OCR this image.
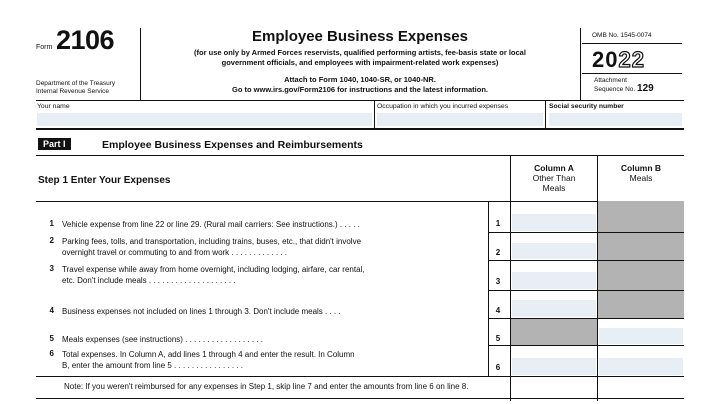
Form 2106
Department of the Treasury
Internal Revenue Service
Employee Business Expenses
(for use only by Armed Forces reservists, qualified performing artists, fee-basis state or local
government officials, and employees with impairment-related work expenses)
Attach to Form 1040, 1040-SR, or 1040-NR.
Go to www.irs.gov/Form2106 for instructions and the latest information.
OMB No. 1545-0074
2022
Attachment
Sequence No. 129
Your name	Occupation in which you incurred expenses	Social security number
Part I	Employee Business Expenses and Reimbursements
Step 1 Enter Your Expenses
Column A
Other Than
Meals
Column B
Meals
1 Vehicle expense from line 22 or line 29. (Rural mail carriers: See instructions.) . . . . .	1
2 Parking fees, tolls, and transportation, including trains, buses, etc., that didn't involve
overnight travel or commuting to and from work . . . . . . . . . . . . .	2
3 Travel expense while away from home overnight, including lodging, airfare, car rental,
etc. Don't include meals . . . . . . . . . . . . . . . . . . . .	3
4 Business expenses not included on lines 1 through 3. Don't include meals . . . .	4
5 Meals expenses (see instructions) . . . . . . . . . . . . . . . . . .	5
6 Total expenses. In Column A, add lines 1 through 4 and enter the result. In Column
B, enter the amount from line 5 . . . . . . . . . . . . . . . .	6
Note: If you weren't reimbursed for any expenses in Step 1, skip line 7 and enter the amounts from line 6 on line 8.
